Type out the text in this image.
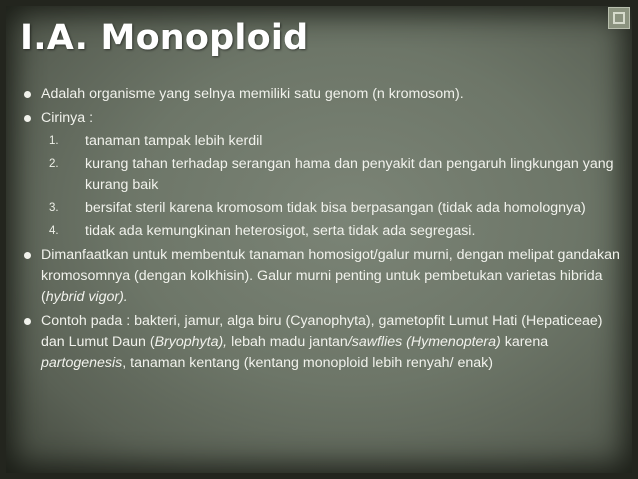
I.A. Monoploid
Adalah organisme yang selnya memiliki satu genom (n kromosom).
Cirinya :
1. tanaman tampak lebih kerdil
2. kurang tahan terhadap serangan hama dan penyakit dan pengaruh lingkungan yang kurang baik
3. bersifat steril karena kromosom tidak bisa berpasangan (tidak ada homolognya)
4. tidak ada kemungkinan heterosigot, serta tidak ada segregasi.
Dimanfaatkan untuk membentuk tanaman homosigot/galur murni, dengan melipat gandakan kromosomnya (dengan kolkhisin). Galur murni penting untuk pembetukan varietas hibrida (hybrid vigor).
Contoh pada : bakteri, jamur, alga biru (Cyanophyta), gametopfit Lumut Hati (Hepaticeae) dan Lumut Daun (Bryophyta), lebah madu jantan/sawflies (Hymenoptera) karena partogenesis, tanaman kentang (kentang monoploid lebih renyah/ enak)
